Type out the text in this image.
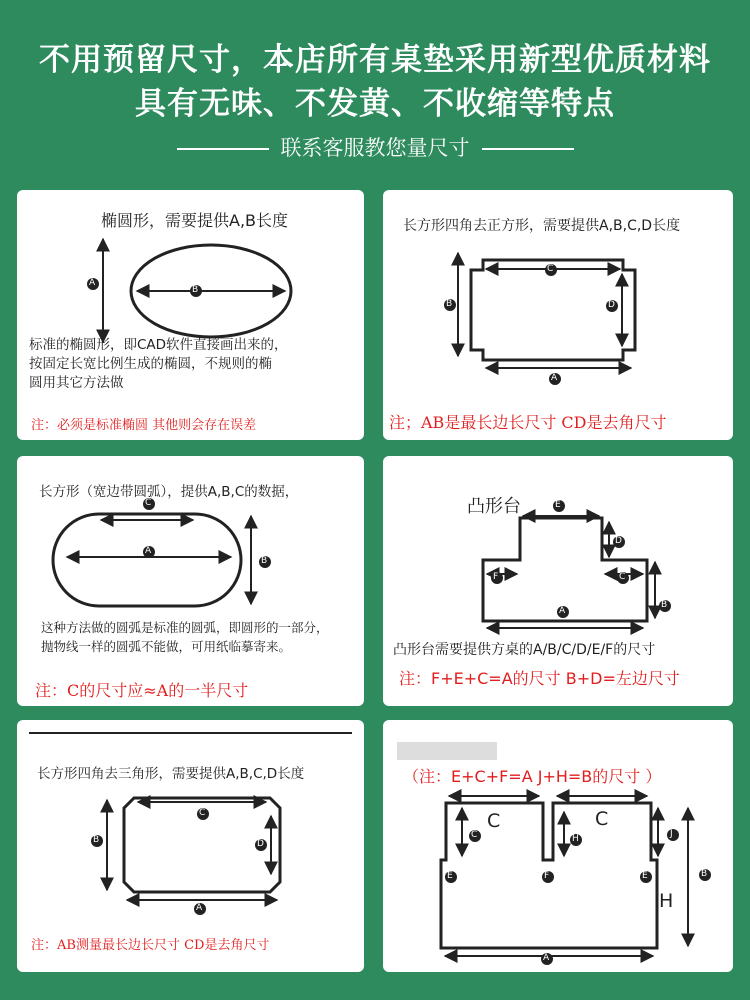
不用预留尺寸，本店所有桌垫采用新型优质材料
具有无味、不发黄、不收缩等特点
联系客服教您量尺寸
A
B
椭圆形，需要提供A,B长度
标准的椭圆形，即CAD软件直接画出来的，
按固定长宽比例生成的椭圆，不规则的椭
圆用其它方法做
注：必须是标准椭圆 其他则会存在误差
C
D
B
A
长方形四角去正方形，需要提供A,B,C,D长度
注；AB是最长边长尺寸 CD是去角尺寸
C
A
B
长方形（宽边带圆弧），提供A,B,C的数据，
这种方法做的圆弧是标准的圆弧，即圆形的一部分，
抛物线一样的圆弧不能做，可用纸临摹寄来。
注：C的尺寸应≈A的一半尺寸
E
D
F	C
B
A
凸形台
凸形台需要提供方桌的A/B/C/D/E/F的尺寸
注：F+E+C=A的尺寸 B+D=左边尺寸
C
D
B
A
长方形四角去三角形，需要提供A,B,C,D长度
注：AB测量最长边长尺寸 CD是去角尺寸
C	H	J
E	F	E	B
A
C	C
H
（注：E+C+F=A J+H=B的尺寸 ）
